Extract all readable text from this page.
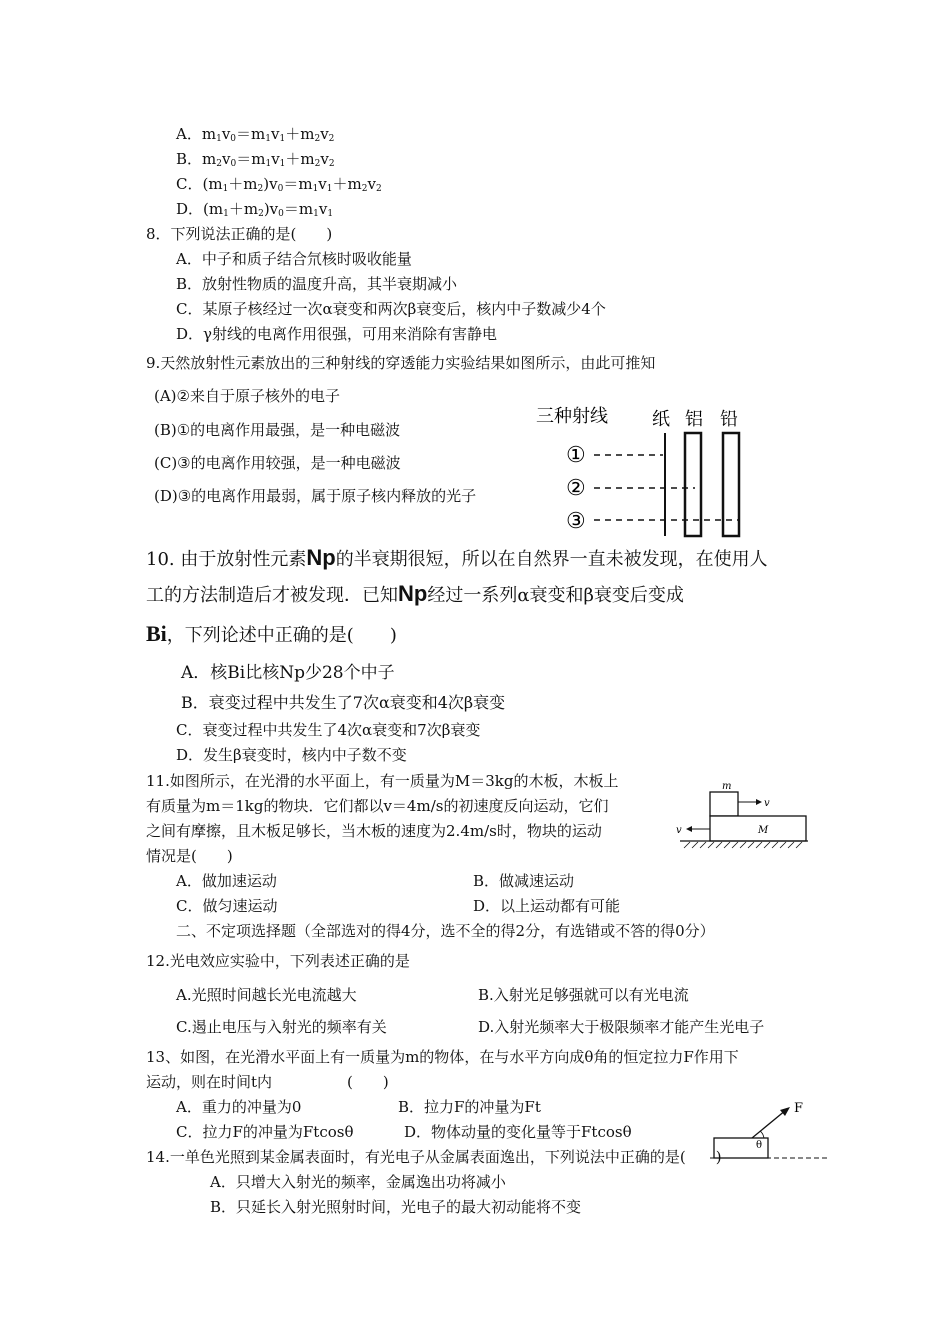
A．$m_1v_0=m_1v_1+m_2v_2$
B．$m_2v_0=m_1v_1+m_2v_2$
C．$(m_1+m_2)v_0=m_1v_1+m_2v_2$
D．$(m_1+m_2)v_0=m_1v_1$
8．下列说法正确的是(　　)
A．中子和质子结合氘核时吸收能量
B．放射性物质的温度升高，其半衰期减小
C．某原子核经过一次α衰变和两次β衰变后，核内中子数减少4个
D．γ射线的电离作用很强，可用来消除有害静电
9.天然放射性元素放出的三种射线的穿透能力实验结果如图所示，由此可推知
(A)②来自于原子核外的电子
(B)①的电离作用最强，是一种电磁波
(C)③的电离作用较强，是一种电磁波
(D)③的电离作用最弱，属于原子核内释放的光子
三种射线 纸 铝 铅
①
②
③
10. 由于放射性元素Np的半衰期很短，所以在自然界一直未被发现，在使用人
工的方法制造后才被发现．已知Np经过一系列α衰变和β衰变后变成
Bi，下列论述中正确的是(　　)
A．核Bi比核Np少28个中子
B．衰变过程中共发生了7次α衰变和4次β衰变
C．衰变过程中共发生了4次α衰变和7次β衰变
D．发生β衰变时，核内中子数不变
11.如图所示，在光滑的水平面上，有一质量为M＝3kg的木板，木板上
有质量为m＝1kg的物块．它们都以v＝4m/s的初速度反向运动，它们
之间有摩擦，且木板足够长，当木板的速度为2.4m/s时，物块的运动
情况是(　　)
A．做加速运动	B．做减速运动
C．做匀速运动	D．以上运动都有可能
m
v
M
v
二、不定项选择题（全部选对的得4分，选不全的得2分，有选错或不答的得0分）
12.光电效应实验中，下列表述正确的是
A.光照时间越长光电流越大	B.入射光足够强就可以有光电流
C.遏止电压与入射光的频率有关	D.入射光频率大于极限频率才能产生光电子
13、如图，在光滑水平面上有一质量为m的物体，在与水平方向成θ角的恒定拉力F作用下
运动，则在时间t内　　　　　(　　)
A．重力的冲量为0	B．拉力F的冲量为Ft
C．拉力F的冲量为Ftcosθ	D．物体动量的变化量等于Ftcosθ
F
θ
14.一单色光照到某金属表面时，有光电子从金属表面逸出，下列说法中正确的是(　　)
A．只增大入射光的频率，金属逸出功将减小
B．只延长入射光照射时间，光电子的最大初动能将不变
